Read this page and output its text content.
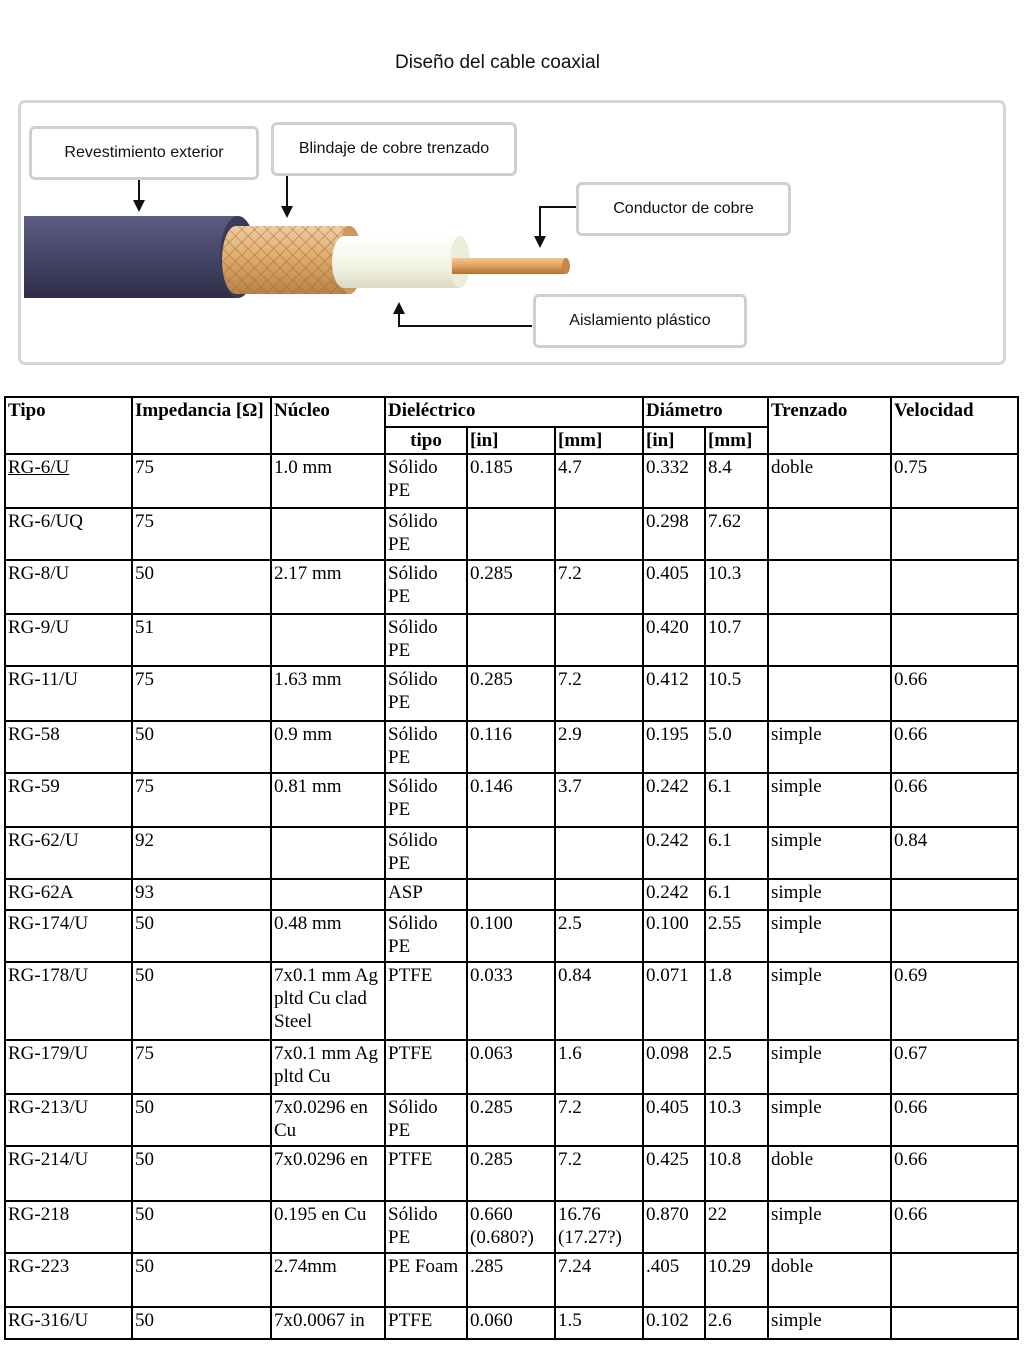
Diseño del cable coaxial
Revestimiento exterior	Blindaje de cobre trenzado
Conductor de cobre
Aislamiento plástico
Tipo	Impedancia [Ω]	Núcleo	Dieléctrico			Diámetro		Trenzado	Velocidad
			tipo	[in]	[mm]	[in]	[mm]		
RG-6/U	75	1.0 mm	Sólido PE	0.185	4.7	0.332	8.4	doble	0.75
RG-6/UQ	75		Sólido PE			0.298	7.62		
RG-8/U	50	2.17 mm	Sólido PE	0.285	7.2	0.405	10.3		
RG-9/U	51		Sólido PE			0.420	10.7		
RG-11/U	75	1.63 mm	Sólido PE	0.285	7.2	0.412	10.5		0.66
RG-58	50	0.9 mm	Sólido PE	0.116	2.9	0.195	5.0	simple	0.66
RG-59	75	0.81 mm	Sólido PE	0.146	3.7	0.242	6.1	simple	0.66
RG-62/U	92		Sólido PE			0.242	6.1	simple	0.84
RG-62A	93		ASP			0.242	6.1	simple	
RG-174/U	50	0.48 mm	Sólido PE	0.100	2.5	0.100	2.55	simple	
RG-178/U	50	7x0.1 mm Ag pltd Cu clad Steel	PTFE	0.033	0.84	0.071	1.8	simple	0.69
RG-179/U	75	7x0.1 mm Ag pltd Cu	PTFE	0.063	1.6	0.098	2.5	simple	0.67
RG-213/U	50	7x0.0296 en Cu	Sólido PE	0.285	7.2	0.405	10.3	simple	0.66
RG-214/U	50	7x0.0296 en	PTFE	0.285	7.2	0.425	10.8	doble	0.66
RG-218	50	0.195 en Cu	Sólido PE	0.660 (0.680?)	16.76 (17.27?)	0.870	22	simple	0.66
RG-223	50	2.74mm	PE Foam	.285	7.24	.405	10.29	doble	
RG-316/U	50	7x0.0067 in	PTFE	0.060	1.5	0.102	2.6	simple	
